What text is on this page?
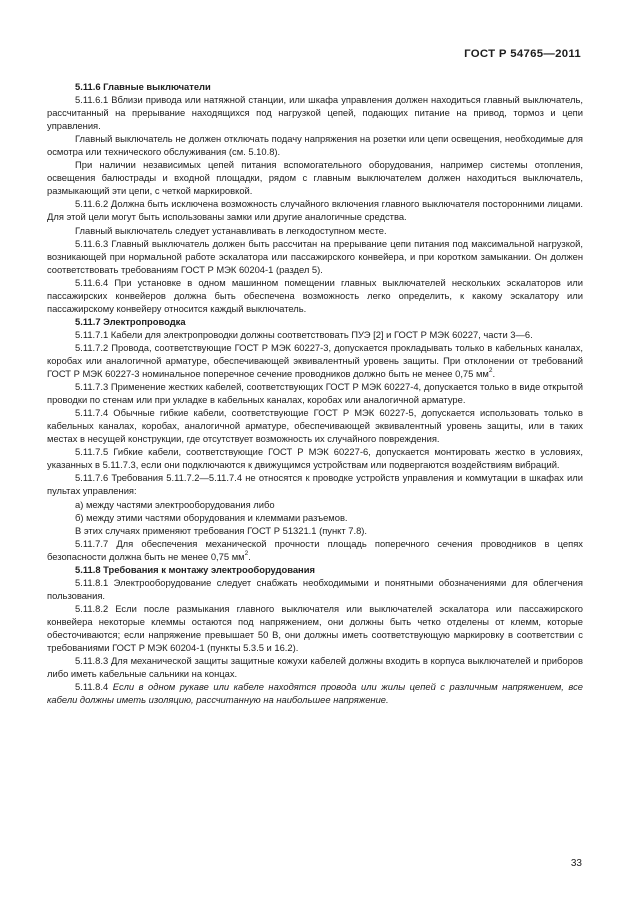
ГОСТ Р 54765—2011

5.11.6 Главные выключатели

5.11.6.1 Вблизи привода или натяжной станции, или шкафа управления должен находиться главный выключатель, рассчитанный на прерывание находящихся под нагрузкой цепей, подающих питание на привод, тормоз и цепи управления.

Главный выключатель не должен отключать подачу напряжения на розетки или цепи освещения, необходимые для осмотра или технического обслуживания (см. 5.10.8).

При наличии независимых цепей питания вспомогательного оборудования, например системы отопления, освещения балюстрады и входной площадки, рядом с главным выключателем должен находиться выключатель, размыкающий эти цепи, с четкой маркировкой.

5.11.6.2 Должна быть исключена возможность случайного включения главного выключателя посторонними лицами. Для этой цели могут быть использованы замки или другие аналогичные средства.

Главный выключатель следует устанавливать в легкодоступном месте.

5.11.6.3 Главный выключатель должен быть рассчитан на прерывание цепи питания под максимальной нагрузкой, возникающей при нормальной работе эскалатора или пассажирского конвейера, и при коротком замыкании. Он должен соответствовать требованиям ГОСТ Р МЭК 60204-1 (раздел 5).

5.11.6.4 При установке в одном машинном помещении главных выключателей нескольких эскалаторов или пассажирских конвейеров должна быть обеспечена возможность легко определить, к какому эскалатору или пассажирскому конвейеру относится каждый выключатель.

5.11.7 Электропроводка

5.11.7.1 Кабели для электропроводки должны соответствовать ПУЭ [2] и ГОСТ Р МЭК 60227, части 3—6.

5.11.7.2 Провода, соответствующие ГОСТ Р МЭК 60227-3, допускается прокладывать только в кабельных каналах, коробах или аналогичной арматуре, обеспечивающей эквивалентный уровень защиты. При отклонении от требований ГОСТ Р МЭК 60227-3 номинальное поперечное сечение проводников должно быть не менее 0,75 $мм^2$.

5.11.7.3 Применение жестких кабелей, соответствующих ГОСТ Р МЭК 60227-4, допускается только в виде открытой проводки по стенам или при укладке в кабельных каналах, коробах или аналогичной арматуре.

5.11.7.4 Обычные гибкие кабели, соответствующие ГОСТ Р МЭК 60227-5, допускается использовать только в кабельных каналах, коробах, аналогичной арматуре, обеспечивающей эквивалентный уровень защиты, или в таких местах в несущей конструкции, где отсутствует возможность их случайного повреждения.

5.11.7.5 Гибкие кабели, соответствующие ГОСТ Р МЭК 60227-6, допускается монтировать жестко в условиях, указанных в 5.11.7.3, если они подключаются к движущимся устройствам или подвергаются воздействиям вибраций.

5.11.7.6 Требования 5.11.7.2—5.11.7.4 не относятся к проводке устройств управления и коммутации в шкафах или пультах управления:

а) между частями электрооборудования либо

б) между этими частями оборудования и клеммами разъемов.

В этих случаях применяют требования ГОСТ Р 51321.1 (пункт 7.8).

5.11.7.7 Для обеспечения механической прочности площадь поперечного сечения проводников в цепях безопасности должна быть не менее 0,75 $мм^2$.

5.11.8 Требования к монтажу электрооборудования

5.11.8.1 Электрооборудование следует снабжать необходимыми и понятными обозначениями для облегчения пользования.

5.11.8.2 Если после размыкания главного выключателя или выключателей эскалатора или пассажирского конвейера некоторые клеммы остаются под напряжением, они должны быть четко отделены от клемм, которые обесточиваются; если напряжение превышает 50 В, они должны иметь соответствующую маркировку в соответствии с требованиями ГОСТ Р МЭК 60204-1 (пункты 5.3.5 и 16.2).

5.11.8.3 Для механической защиты защитные кожухи кабелей должны входить в корпуса выключателей и приборов либо иметь кабельные сальники на концах.

5.11.8.4 Если в одном рукаве или кабеле находятся провода или жилы цепей с различным напряжением, все кабели должны иметь изоляцию, рассчитанную на наибольшее напряжение.

33
